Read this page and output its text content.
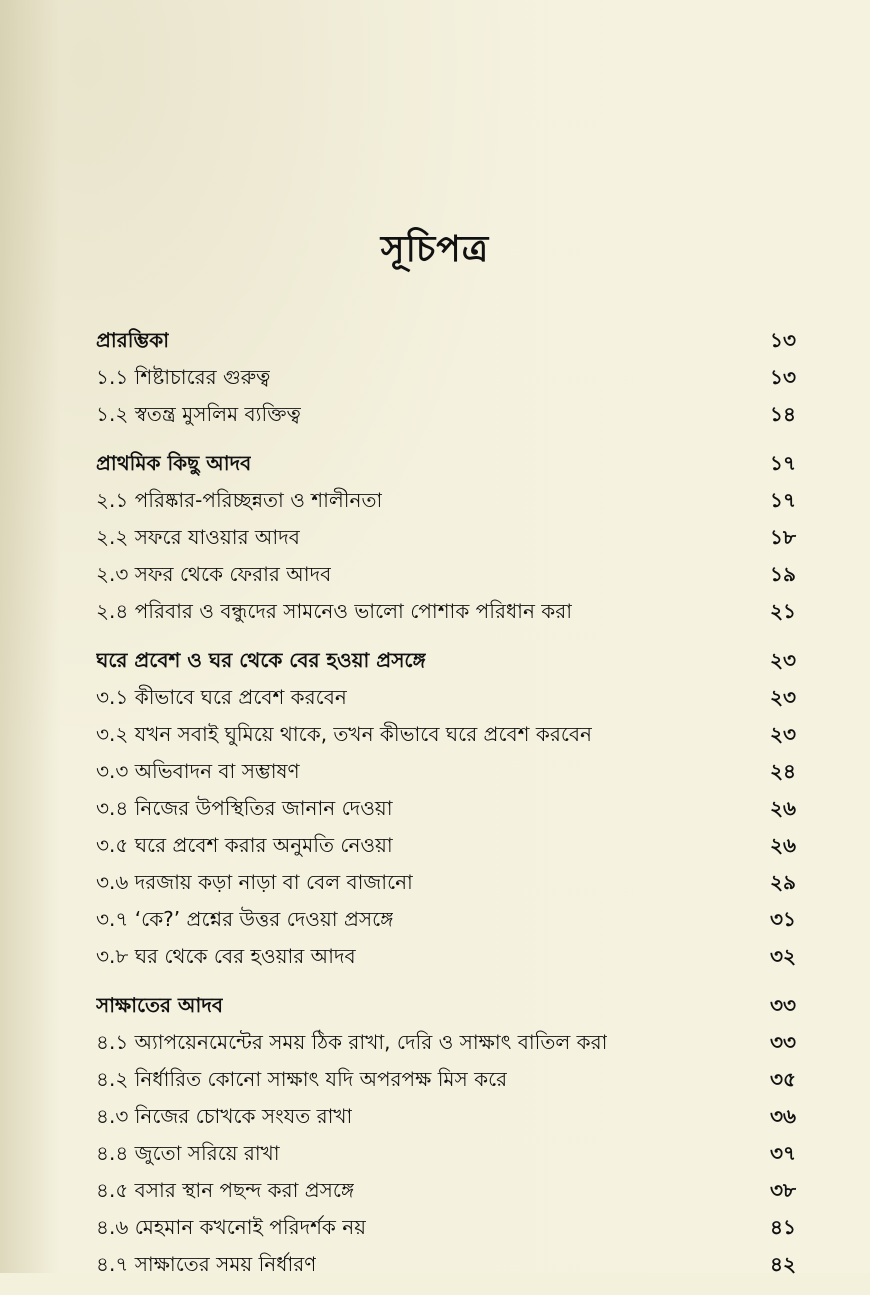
সূচিপত্র
প্রারম্ভিকা	১৩
১.১ শিষ্টাচারের গুরুত্ব	১৩
১.২ স্বতন্ত্র মুসলিম ব্যক্তিত্ব	১৪
প্রাথমিক কিছু আদব	১৭
২.১ পরিষ্কার-পরিচ্ছন্নতা ও শালীনতা	১৭
২.২ সফরে যাওয়ার আদব	১৮
২.৩ সফর থেকে ফেরার আদব	১৯
২.৪ পরিবার ও বন্ধুদের সামনেও ভালো পোশাক পরিধান করা	২১
ঘরে প্রবেশ ও ঘর থেকে বের হওয়া প্রসঙ্গে	২৩
৩.১ কীভাবে ঘরে প্রবেশ করবেন	২৩
৩.২ যখন সবাই ঘুমিয়ে থাকে, তখন কীভাবে ঘরে প্রবেশ করবেন	২৩
৩.৩ অভিবাদন বা সম্ভাষণ	২৪
৩.৪ নিজের উপস্থিতির জানান দেওয়া	২৬
৩.৫ ঘরে প্রবেশ করার অনুমতি নেওয়া	২৬
৩.৬ দরজায় কড়া নাড়া বা বেল বাজানো	২৯
৩.৭ ‘কে?’ প্রশ্নের উত্তর দেওয়া প্রসঙ্গে	৩১
৩.৮ ঘর থেকে বের হওয়ার আদব	৩২
সাক্ষাতের আদব	৩৩
৪.১ অ্যাপয়েনমেন্টের সময় ঠিক রাখা, দেরি ও সাক্ষাৎ বাতিল করা	৩৩
৪.২ নির্ধারিত কোনো সাক্ষাৎ যদি অপরপক্ষ মিস করে	৩৫
৪.৩ নিজের চোখকে সংযত রাখা	৩৬
৪.৪ জুতো সরিয়ে রাখা	৩৭
৪.৫ বসার স্থান পছন্দ করা প্রসঙ্গে	৩৮
৪.৬ মেহমান কখনোই পরিদর্শক নয়	৪১
৪.৭ সাক্ষাতের সময় নির্ধারণ	৪২
